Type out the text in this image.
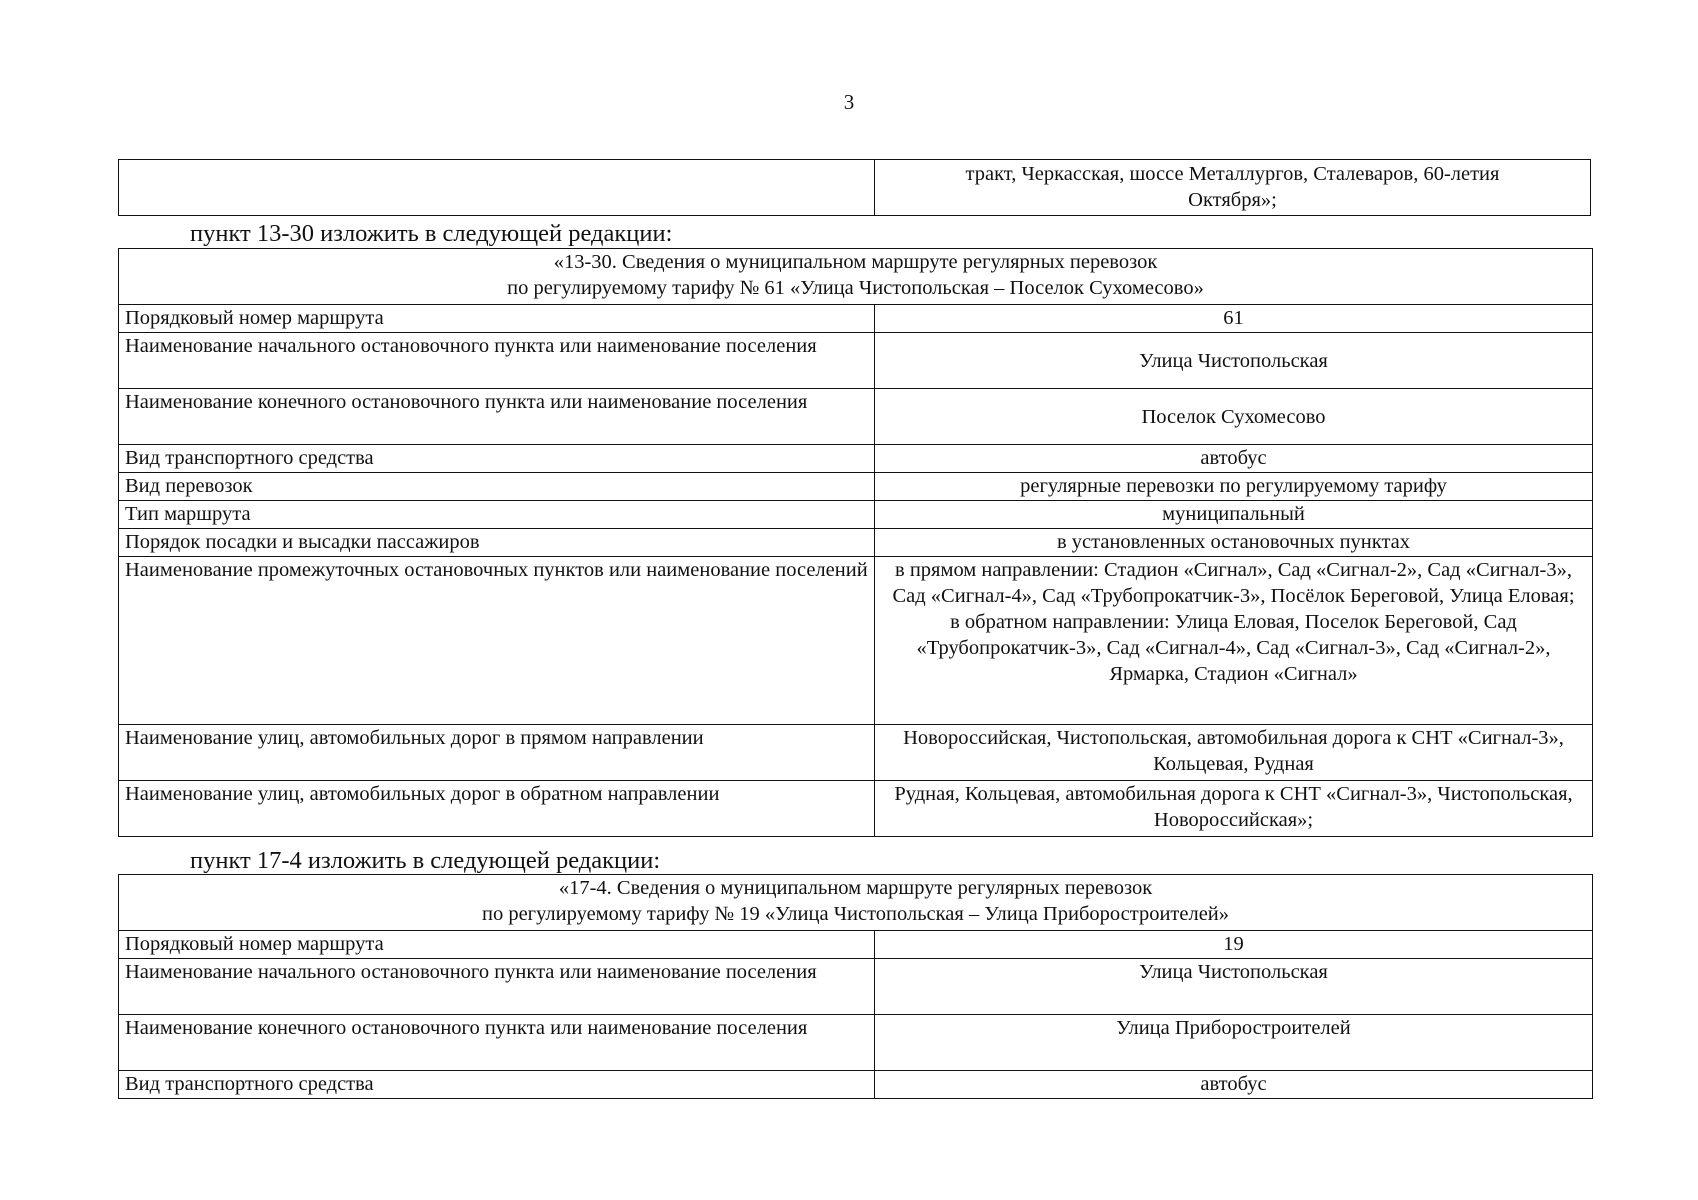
3
	тракт, Черкасская, шоссе Металлургов, Сталеваров, 60-летия
Октября»;
пункт 13-30 изложить в следующей редакции:
«13-30. Сведения о муниципальном маршруте регулярных перевозок
по регулируемому тарифу № 61 «Улица Чистопольская – Поселок Сухомесово»	
Порядковый номер маршрута	61
Наименование начального остановочного пункта или наименование поселения	Улица Чистопольская
Наименование конечного остановочного пункта или наименование поселения	Поселок Сухомесово
Вид транспортного средства	автобус
Вид перевозок	регулярные перевозки по регулируемому тарифу
Тип маршрута	муниципальный
Порядок посадки и высадки пассажиров	в установленных остановочных пунктах
Наименование промежуточных остановочных пунктов или наименование поселений	в прямом направлении: Стадион «Сигнал», Сад «Сигнал-2», Сад «Сигнал-3», Сад «Сигнал-4», Сад «Трубопрокатчик-3», Посёлок Береговой, Улица Еловая;
в обратном направлении: Улица Еловая, Поселок Береговой, Сад «Трубопрокатчик-3», Сад «Сигнал-4», Сад «Сигнал-3», Сад «Сигнал-2», Ярмарка, Стадион «Сигнал»

Наименование улиц, автомобильных дорог в прямом направлении	Новороссийская, Чистопольская, автомобильная дорога к СНТ «Сигнал-3», Кольцевая, Рудная
Наименование улиц, автомобильных дорог в обратном направлении	Рудная, Кольцевая, автомобильная дорога к СНТ «Сигнал-3», Чистопольская, Новороссийская»;
пункт 17-4 изложить в следующей редакции:
«17-4. Сведения о муниципальном маршруте регулярных перевозок
по регулируемому тарифу № 19 «Улица Чистопольская – Улица Приборостроителей»	
Порядковый номер маршрута	19
Наименование начального остановочного пункта или наименование поселения	Улица Чистопольская
Наименование конечного остановочного пункта или наименование поселения	Улица Приборостроителей
Вид транспортного средства	автобус
